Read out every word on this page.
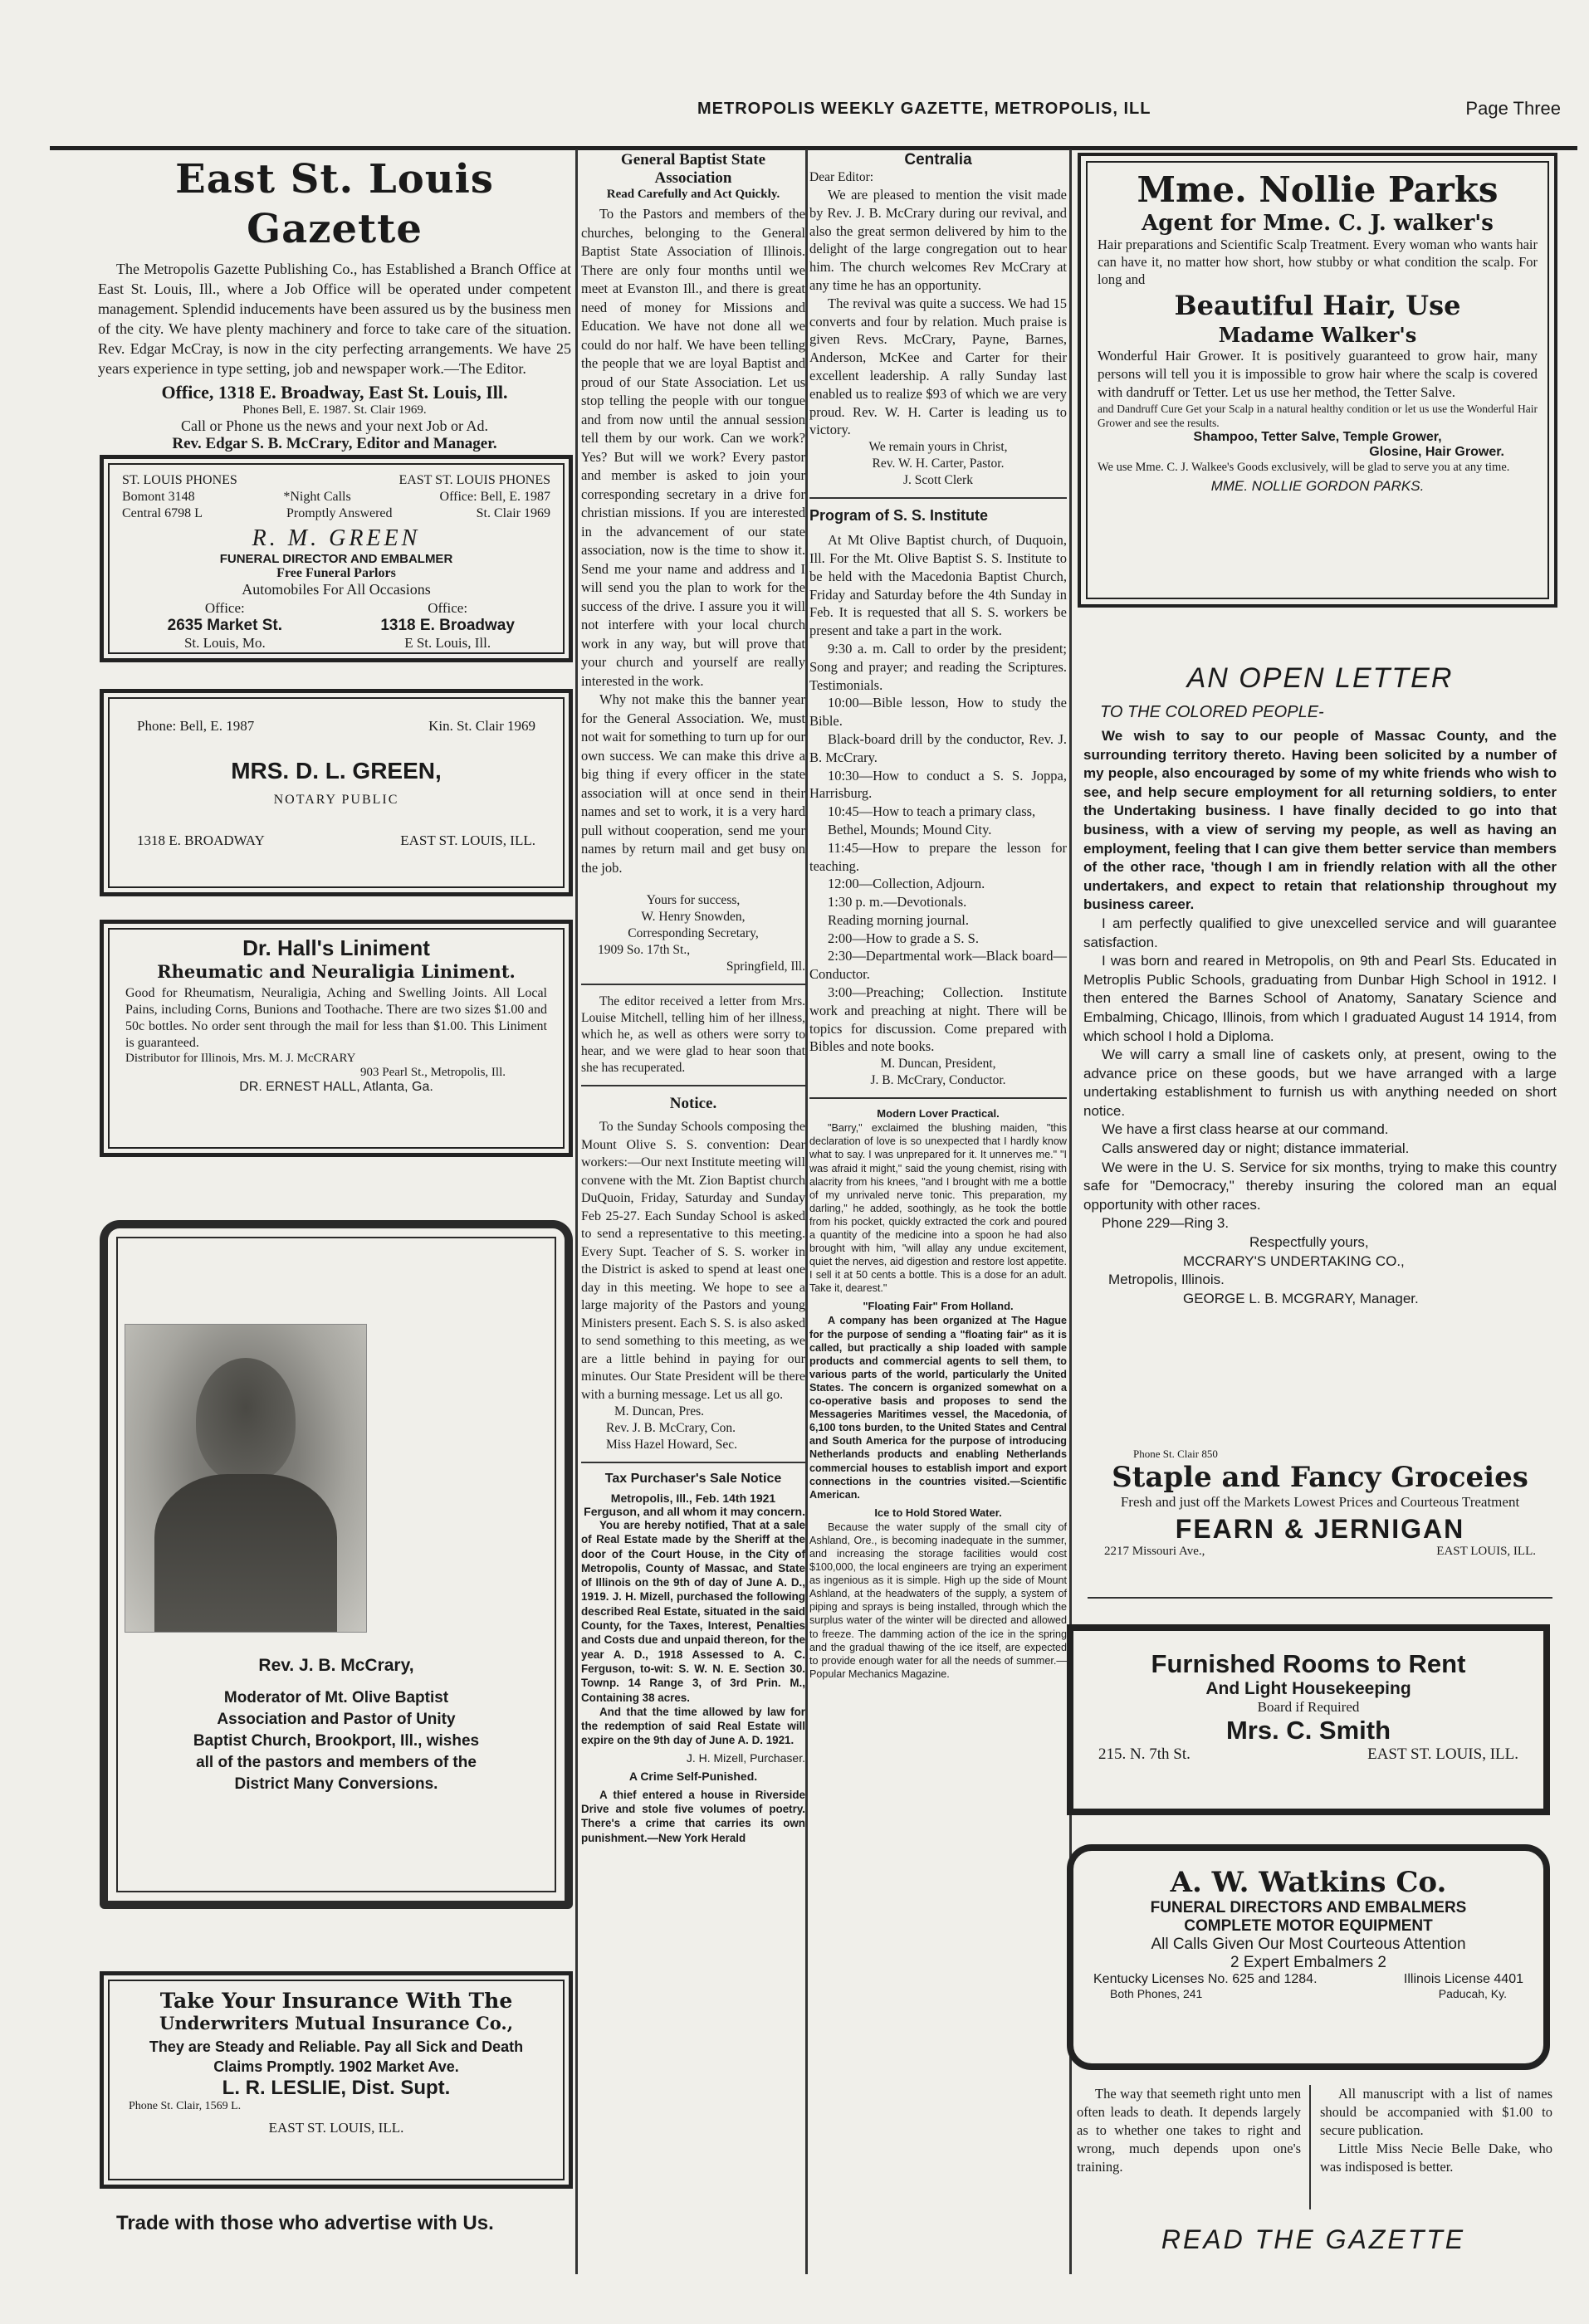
METROPOLIS WEEKLY GAZETTE, METROPOLIS, ILL	Page Three
East St. Louis Gazette

The Metropolis Gazette Publishing Co., has Established a Branch Office at East St. Louis, Ill., where a Job Office will be operated under competent management. Splendid inducements have been assured us by the business men of the city. We have plenty machinery and force to take care of the situation. Rev. Edgar McCray, is now in the city perfecting arrangements. We have 25 years experience in type setting, job and newspaper work.—The Editor.

Office, 1318 E. Broadway, East St. Louis, Ill.

Phones Bell, E. 1987. St. Clair 1969.

Call or Phone us the news and your next Job or Ad.

Rev. Edgar S. B. McCrary, Editor and Manager.

ST. LOUIS PHONES	EAST ST. LOUIS PHONES
Bomont 3148	*Night Calls	Office: Bell, E. 1987
Central 6798 L	Promptly Answered	St. Clair 1969
R. M. GREEN
FUNERAL DIRECTOR AND EMBALMER
Free Funeral Parlors
Automobiles For All Occasions
Office:
2635 Market St.
St. Louis, Mo.
Office:
1318 E. Broadway
E St. Louis, Ill.
Phone: Bell, E. 1987	Kin. St. Clair 1969
MRS. D. L. GREEN,
NOTARY PUBLIC
1318 E. BROADWAY	EAST ST. LOUIS, ILL.
Dr. Hall's Liniment
Rheumatic and Neuraligia Liniment.

Good for Rheumatism, Neuraligia, Aching and Swelling Joints. All Local Pains, including Corns, Bunions and Toothache. There are two sizes $1.00 and 50c bottles. No order sent through the mail for less than $1.00. This Liniment is guaranteed.

Distributor for Illinois, Mrs. M. J. McCRARY

903 Pearl St., Metropolis, Ill.

DR. ERNEST HALL, Atlanta, Ga.

Rev. J. B. McCrary,

Moderator of Mt. Olive Baptist Association and Pastor of Unity Baptist Church, Brookport, Ill., wishes all of the pastors and members of the District Many Conversions.

Take Your Insurance With The
Underwriters Mutual Insurance Co.,

They are Steady and Reliable. Pay all Sick and Death Claims Promptly. 1902 Market Ave.

L. R. LESLIE, Dist. Supt.
Phone St. Clair, 1569 L.
EAST ST. LOUIS, ILL.
Trade with those who advertise with Us.
General Baptist State Association
Read Carefully and Act Quickly.

To the Pastors and members of the churches, belonging to the General Baptist State Association of Illinois. There are only four months until we meet at Evanston Ill., and there is great need of money for Missions and Education. We have not done all we could do nor half. We have been telling the people that we are loyal Baptist and proud of our State Association. Let us stop telling the people with our tongue and from now until the annual session tell them by our work. Can we work? Yes? But will we work? Every pastor and member is asked to join your corresponding secretary in a drive for christian missions. If you are interested in the advancement of our state association, now is the time to show it. Send me your name and address and I will send you the plan to work for the success of the drive. I assure you it will not interfere with your local church work in any way, but will prove that your church and yourself are really interested in the work.

Why not make this the banner year for the General Association. We, must not wait for something to turn up for our own success. We can make this drive a big thing if every officer in the state association will at once send in their names and set to work, it is a very hard pull without cooperation, send me your names by return mail and get busy on the job.

Yours for success,

W. Henry Snowden,

Corresponding Secretary,

1909 So. 17th St.,

Springfield, Ill.

The editor received a letter from Mrs. Louise Mitchell, telling him of her illness, which he, as well as others were sorry to hear, and we were glad to hear soon that she has recuperated.

Notice.

To the Sunday Schools composing the Mount Olive S. S. convention: Dear workers:—Our next Institute meeting will convene with the Mt. Zion Baptist church DuQuoin, Friday, Saturday and Sunday Feb 25-27. Each Sunday School is asked to send a representative to this meeting. Every Supt. Teacher of S. S. worker in the District is asked to spend at least one day in this meeting. We hope to see a large majority of the Pastors and young Ministers present. Each S. S. is also asked to send something to this meeting, as we are a little behind in paying for our minutes. Our State President will be there with a burning message. Let us all go.

M. Duncan, Pres.

Rev. J. B. McCrary, Con.

Miss Hazel Howard, Sec.

Tax Purchaser's Sale Notice

Metropolis, Ill., Feb. 14th 1921

Ferguson, and all whom it may concern.

You are hereby notified, That at a sale of Real Estate made by the Sheriff at the door of the Court House, in the City of Metropolis, County of Massac, and State of Illinois on the 9th of day of June A. D., 1919. J. H. Mizell, purchased the following described Real Estate, situated in the said County, for the Taxes, Interest, Penalties and Costs due and unpaid thereon, for the year A. D., 1918 Assessed to A. C. Ferguson, to-wit: S. W. N. E. Section 30. Townp. 14 Range 3, of 3rd Prin. M., Containing 38 acres.

And that the time allowed by law for the redemption of said Real Estate will expire on the 9th day of June A. D. 1921.

J. H. Mizell, Purchaser.

A Crime Self-Punished.

A thief entered a house in Riverside Drive and stole five volumes of poetry. There's a crime that carries its own punishment.—New York Herald

Centralia

Dear Editor:

We are pleased to mention the visit made by Rev. J. B. McCrary during our revival, and also the great sermon delivered by him to the delight of the large congregation out to hear him. The church welcomes Rev McCrary at any time he has an opportunity.

The revival was quite a success. We had 15 converts and four by relation. Much praise is given Revs. McCrary, Payne, Barnes, Anderson, McKee and Carter for their excellent leadership. A rally Sunday last enabled us to realize $93 of which we are very proud. Rev. W. H. Carter is leading us to victory.

We remain yours in Christ,

Rev. W. H. Carter, Pastor.

J. Scott Clerk

Program of S. S. Institute

At Mt Olive Baptist church, of Duquoin, Ill. For the Mt. Olive Baptist S. S. Institute to be held with the Macedonia Baptist Church, Friday and Saturday before the 4th Sunday in Feb. It is requested that all S. S. workers be present and take a part in the work.

9:30 a. m. Call to order by the president; Song and prayer; and reading the Scriptures. Testimonials.

10:00—Bible lesson, How to study the Bible.

Black-board drill by the conductor, Rev. J. B. McCrary.

10:30—How to conduct a S. S. Joppa, Harrisburg.

10:45—How to teach a primary class,

Bethel, Mounds; Mound City.

11:45—How to prepare the lesson for teaching.

12:00—Collection, Adjourn.

1:30 p. m.—Devotionals.

Reading morning journal.

2:00—How to grade a S. S.

2:30—Departmental work—Black board—Conductor.

3:00—Preaching; Collection. Institute work and preaching at night. There will be topics for discussion. Come prepared with Bibles and note books.

M. Duncan, President,

J. B. McCrary, Conductor.

Modern Lover Practical.

"Barry," exclaimed the blushing maiden, "this declaration of love is so unexpected that I hardly know what to say. I was unprepared for it. It unnerves me." "I was afraid it might," said the young chemist, rising with alacrity from his knees, "and I brought with me a bottle of my unrivaled nerve tonic. This preparation, my darling," he added, soothingly, as he took the bottle from his pocket, quickly extracted the cork and poured a quantity of the medicine into a spoon he had also brought with him, "will allay any undue excitement, quiet the nerves, aid digestion and restore lost appetite. I sell it at 50 cents a bottle. This is a dose for an adult. Take it, dearest."

"Floating Fair" From Holland.

A company has been organized at The Hague for the purpose of sending a "floating fair" as it is called, but practically a ship loaded with sample products and commercial agents to sell them, to various parts of the world, particularly the United States. The concern is organized somewhat on a co-operative basis and proposes to send the Messageries Maritimes vessel, the Macedonia, of 6,100 tons burden, to the United States and Central and South America for the purpose of introducing Netherlands products and enabling Netherlands commercial houses to establish import and export connections in the countries visited.—Scientific American.

Ice to Hold Stored Water.

Because the water supply of the small city of Ashland, Ore., is becoming inadequate in the summer, and increasing the storage facilities would cost $100,000, the local engineers are trying an experiment as ingenious as it is simple. High up the side of Mount Ashland, at the headwaters of the supply, a system of piping and sprays is being installed, through which the surplus water of the winter will be directed and allowed to freeze. The damming action of the ice in the spring and the gradual thawing of the ice itself, are expected to provide enough water for all the needs of summer.—Popular Mechanics Magazine.

Mme. Nollie Parks
Agent for Mme. C. J. walker's

Hair preparations and Scientific Scalp Treatment. Every woman who wants hair can have it, no matter how short, how stubby or what condition the scalp. For long and

Beautiful Hair, Use
Madame Walker's

Wonderful Hair Grower. It is positively guaranteed to grow hair, many persons will tell you it is impossible to grow hair where the scalp is covered with dandruff or Tetter. Let us use her method, the Tetter Salve.

and Dandruff Cure Get your Scalp in a natural healthy condition or let us use the Wonderful Hair Grower and see the results.

Shampoo, Tetter Salve, Temple Grower,

Glosine, Hair Grower.

We use Mme. C. J. Walkee's Goods exclusively, will be glad to serve you at any time.

MME. NOLLIE GORDON PARKS.

AN OPEN LETTER
TO THE COLORED PEOPLE-

We wish to say to our people of Massac County, and the surrounding territory thereto. Having been solicited by a number of my people, also encouraged by some of my white friends who wish to see, and help secure employment for all returning soldiers, to enter the Undertaking business. I have finally decided to go into that business, with a view of serving my people, as well as having an employment, feeling that I can give them better service than members of the other race, 'though I am in friendly relation with all the other undertakers, and expect to retain that relationship throughout my business career.

I am perfectly qualified to give unexcelled service and will guarantee satisfaction.

I was born and reared in Metropolis, on 9th and Pearl Sts. Educated in Metroplis Public Schools, graduating from Dunbar High School in 1912. I then entered the Barnes School of Anatomy, Sanatary Science and Embalming, Chicago, Illinois, from which I graduated August 14 1914, from which school I hold a Diploma.

We will carry a small line of caskets only, at present, owing to the advance price on these goods, but we have arranged with a large undertaking establishment to furnish us with anything needed on short notice.

We have a first class hearse at our command.

Calls answered day or night; distance immaterial.

We were in the U. S. Service for six months, trying to make this country safe for "Democracy," thereby insuring the colored man an equal opportunity with other races.

Phone 229—Ring 3.

Respectfully yours,

MCCRARY'S UNDERTAKING CO.,

Metropolis, Illinois.

GEORGE L. B. MCGRARY, Manager.

Phone St. Clair 850
Staple and Fancy Groceies

Fresh and just off the Markets Lowest Prices and Courteous Treatment

FEARN & JERNIGAN
2217 Missouri Ave.,	EAST LOUIS, ILL.
Furnished Rooms to Rent
And Light Housekeeping
Board if Required
Mrs. C. Smith
215. N. 7th St.	EAST ST. LOUIS, ILL.
A. W. Watkins Co.
FUNERAL DIRECTORS AND EMBALMERS
COMPLETE MOTOR EQUIPMENT
All Calls Given Our Most Courteous Attention
2 Expert Embalmers 2
Kentucky Licenses No. 625 and 1284.	Illinois License 4401
Both Phones, 241	Paducah, Ky.

The way that seemeth right unto men often leads to death. It depends largely as to whether one takes to right and wrong, much depends upon one's training.

All manuscript with a list of names should be accompanied with $1.00 to secure publication.

Little Miss Necie Belle Dake, who was indisposed is better.

READ THE GAZETTE
